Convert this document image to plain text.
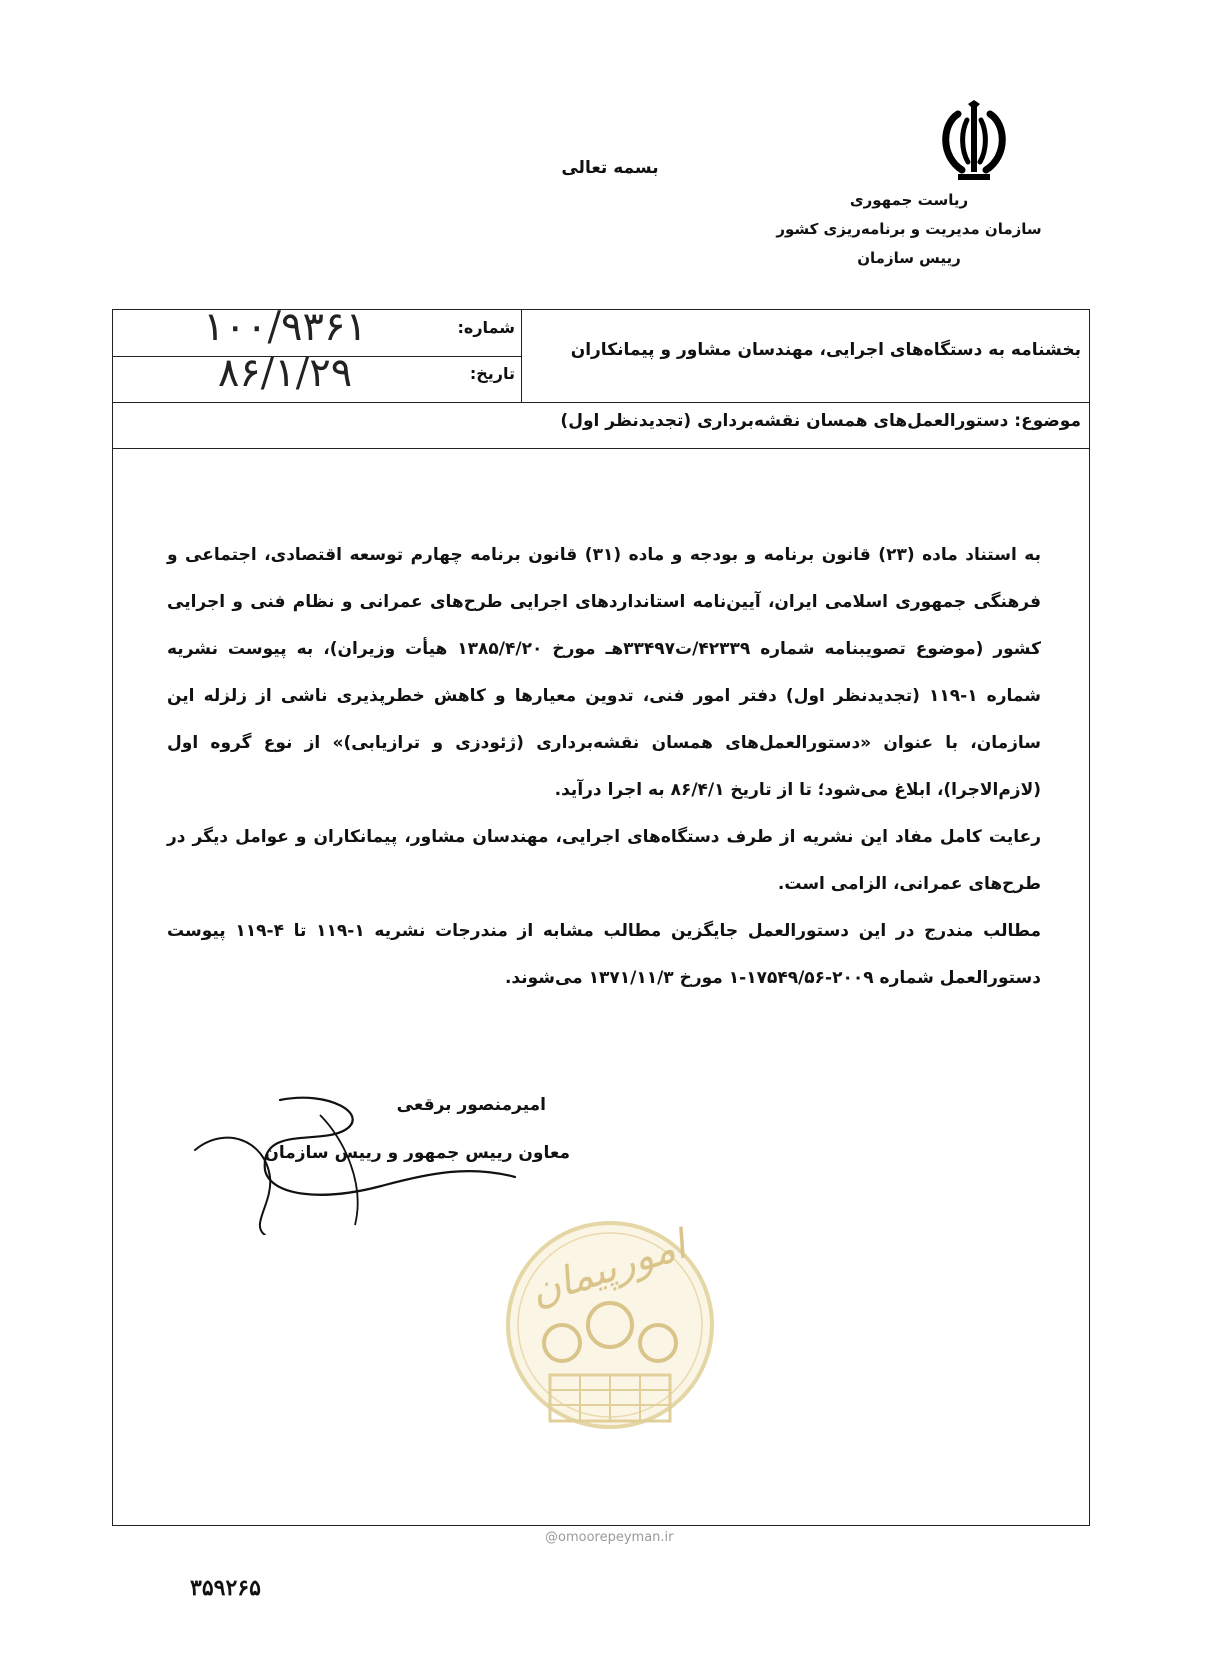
بسمه تعالی
ریاست جمهوری
سازمان مدیریت و برنامه‌ریزی کشور
رییس سازمان
شماره:
۱۰۰/۹۳۶۱
تاریخ:
۸۶/۱/۲۹	بخشنامه به دستگاه‌های اجرایی، مهندسان مشاور و پیمانکاران
موضوع: دستورالعمل‌های همسان نقشه‌برداری (تجدیدنظر اول)

به استناد ماده (۲۳) قانون برنامه و بودجه و ماده (۳۱) قانون برنامه چهارم توسعه اقتصادی، اجتماعی و فرهنگی جمهوری اسلامی ایران، آیین‌نامه استانداردهای اجرایی طرح‌های عمرانی و نظام فنی و اجرایی کشور (موضوع تصویبنامه شماره ۴۲۳۳۹/ت۳۳۴۹۷هـ مورخ ۱۳۸۵/۴/۲۰ هیأت وزیران)، به پیوست نشریه شماره ۱-۱۱۹ (تجدیدنظر اول) دفتر امور فنی، تدوین معیارها و کاهش خطرپذیری ناشی از زلزله این سازمان، با عنوان «دستورالعمل‌های همسان نقشه‌برداری (ژئودزی و ترازیابی)» از نوع گروه اول (لازم‌الاجرا)، ابلاغ می‌شود؛ تا از تاریخ ۸۶/۴/۱ به اجرا درآید.

رعایت کامل مفاد این نشریه از طرف دستگاه‌های اجرایی، مهندسان مشاور، پیمانکاران و عوامل دیگر در طرح‌های عمرانی، الزامی است.

مطالب مندرج در این دستورالعمل جایگزین مطالب مشابه از مندرجات نشریه ۱-۱۱۹ تا ۴-۱۱۹ پیوست دستورالعمل شماره ۲۰۰۹-۱۷۵۴۹/۵۶-۱ مورخ ۱۳۷۱/۱۱/۳ می‌شوند.

امیرمنصور برقعی
معاون رییس جمهور و رییس سازمان
امورپیمان
@omoorepeyman.ir
۳۵۹۲۶۵
